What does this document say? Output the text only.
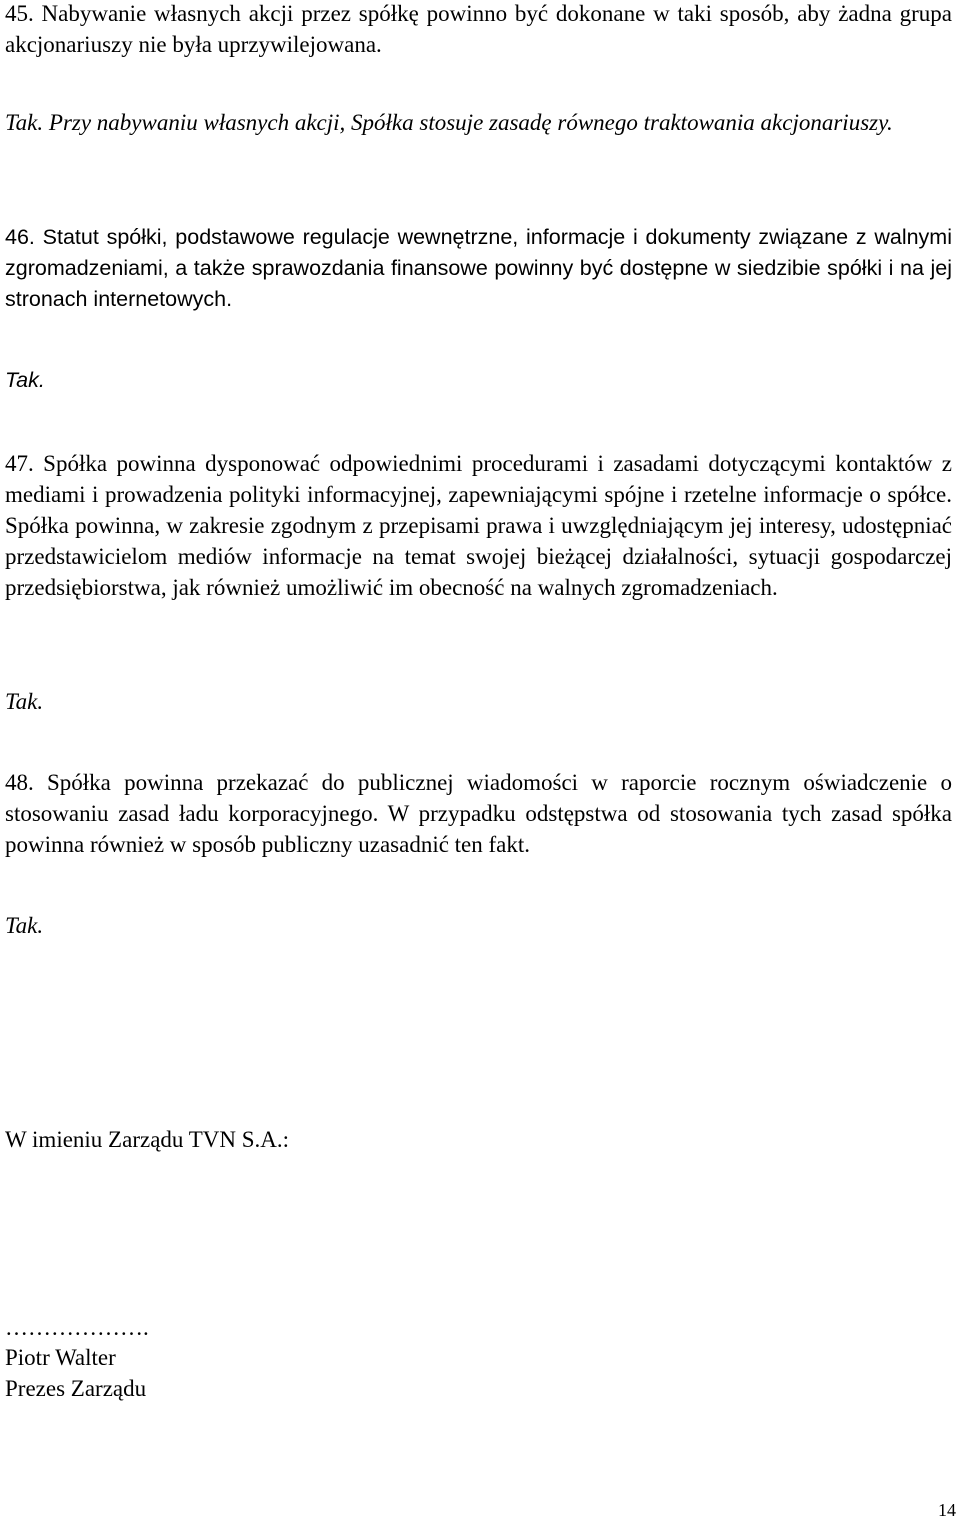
45. Nabywanie własnych akcji przez spółkę powinno być dokonane w taki sposób, aby żadna grupa akcjonariuszy nie była uprzywilejowana.

Tak. Przy nabywaniu własnych akcji, Spółka stosuje zasadę równego traktowania akcjonariuszy.

46. Statut spółki, podstawowe regulacje wewnętrzne, informacje i dokumenty związane z walnymi zgromadzeniami, a także sprawozdania finansowe powinny być dostępne w siedzibie spółki i na jej stronach internetowych.

Tak.

47. Spółka powinna dysponować odpowiednimi procedurami i zasadami dotyczącymi kontaktów z mediami i prowadzenia polityki informacyjnej, zapewniającymi spójne i rzetelne informacje o spółce. Spółka powinna, w zakresie zgodnym z przepisami prawa i uwzględniającym jej interesy, udostępniać przedstawicielom mediów informacje na temat swojej bieżącej działalności, sytuacji gospodarczej przedsiębiorstwa, jak również umożliwić im obecność na walnych zgromadzeniach.

Tak.

48. Spółka powinna przekazać do publicznej wiadomości w raporcie rocznym oświadczenie o stosowaniu zasad ładu korporacyjnego. W przypadku odstępstwa od stosowania tych zasad spółka powinna również w sposób publiczny uzasadnić ten fakt.

Tak.

W imieniu Zarządu TVN S.A.:

……………….

Piotr Walter

Prezes Zarządu

14
